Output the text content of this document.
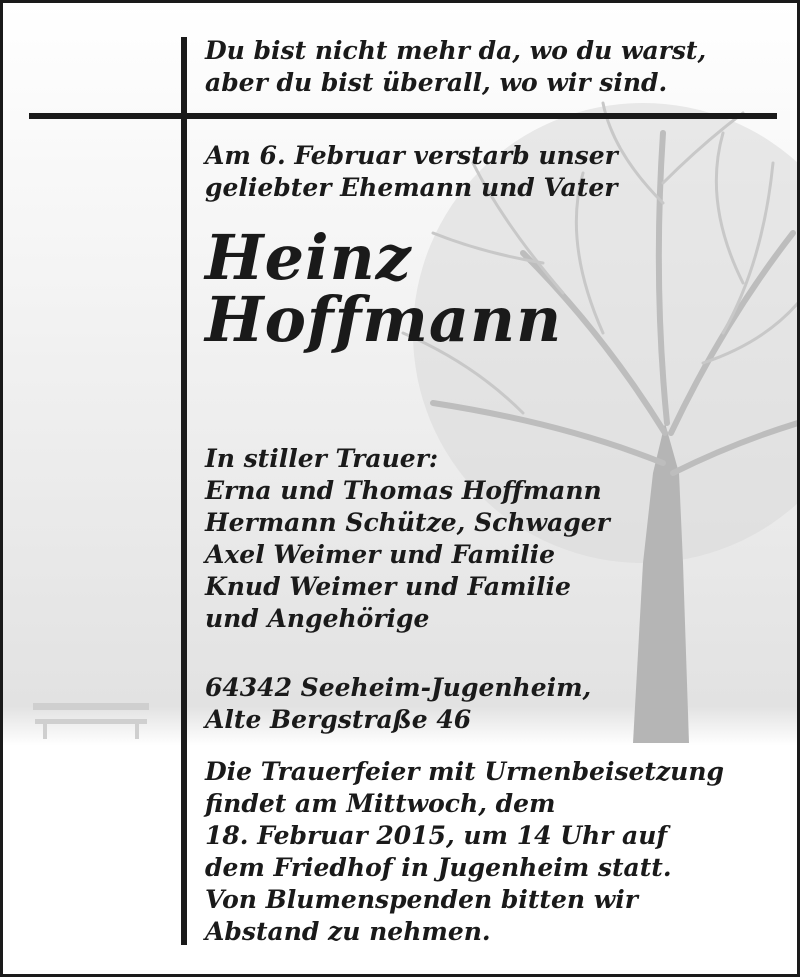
Du bist nicht mehr da, wo du warst,
aber du bist überall, wo wir sind.
Am 6. Februar verstarb unser
geliebter Ehemann und Vater
Heinz
Hoffmann
In stiller Trauer:
Erna und Thomas Hoffmann
Hermann Schütze, Schwager
Axel Weimer und Familie
Knud Weimer und Familie
und Angehörige
64342 Seeheim-Jugenheim,
Alte Bergstraße 46
Die Trauerfeier mit Urnenbeisetzung
findet am Mittwoch, dem
18. Februar 2015, um 14 Uhr auf
dem Friedhof in Jugenheim statt.
Von Blumenspenden bitten wir
Abstand zu nehmen.
